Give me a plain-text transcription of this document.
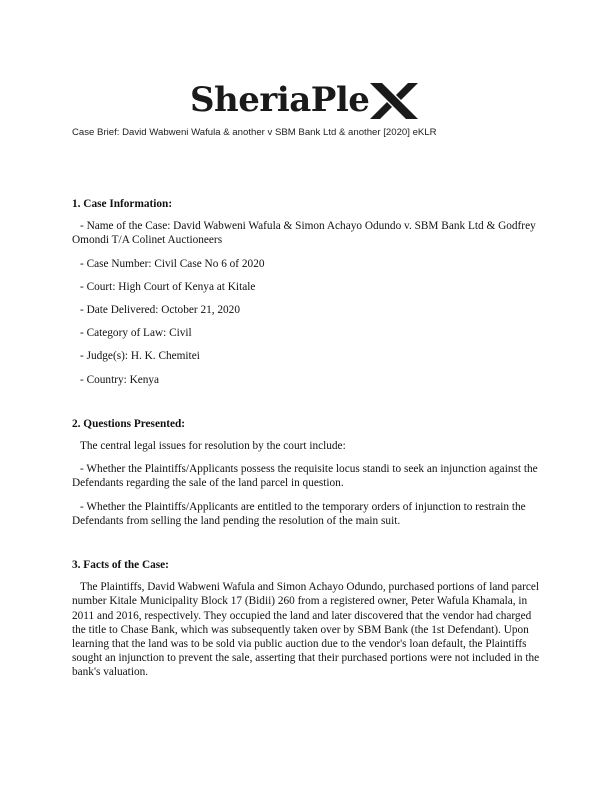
SheriaPle
Case Brief: David Wabweni Wafula & another v SBM Bank Ltd & another [2020] eKLR

1. Case Information:

- Name of the Case: David Wabweni Wafula & Simon Achayo Odundo v. SBM Bank Ltd & Godfrey Omondi T/A Colinet Auctioneers

- Case Number: Civil Case No 6 of 2020

- Court: High Court of Kenya at Kitale

- Date Delivered: October 21, 2020

- Category of Law: Civil

- Judge(s): H. K. Chemitei

- Country: Kenya

2. Questions Presented:

The central legal issues for resolution by the court include:

- Whether the Plaintiffs/Applicants possess the requisite locus standi to seek an injunction against the Defendants regarding the sale of the land parcel in question.

- Whether the Plaintiffs/Applicants are entitled to the temporary orders of injunction to restrain the Defendants from selling the land pending the resolution of the main suit.

3. Facts of the Case:

The Plaintiffs, David Wabweni Wafula and Simon Achayo Odundo, purchased portions of land parcel number Kitale Municipality Block 17 (Bidii) 260 from a registered owner, Peter Wafula Khamala, in 2011 and 2016, respectively. They occupied the land and later discovered that the vendor had charged the title to Chase Bank, which was subsequently taken over by SBM Bank (the 1st Defendant). Upon learning that the land was to be sold via public auction due to the vendor's loan default, the Plaintiffs sought an injunction to prevent the sale, asserting that their purchased portions were not included in the bank's valuation.
